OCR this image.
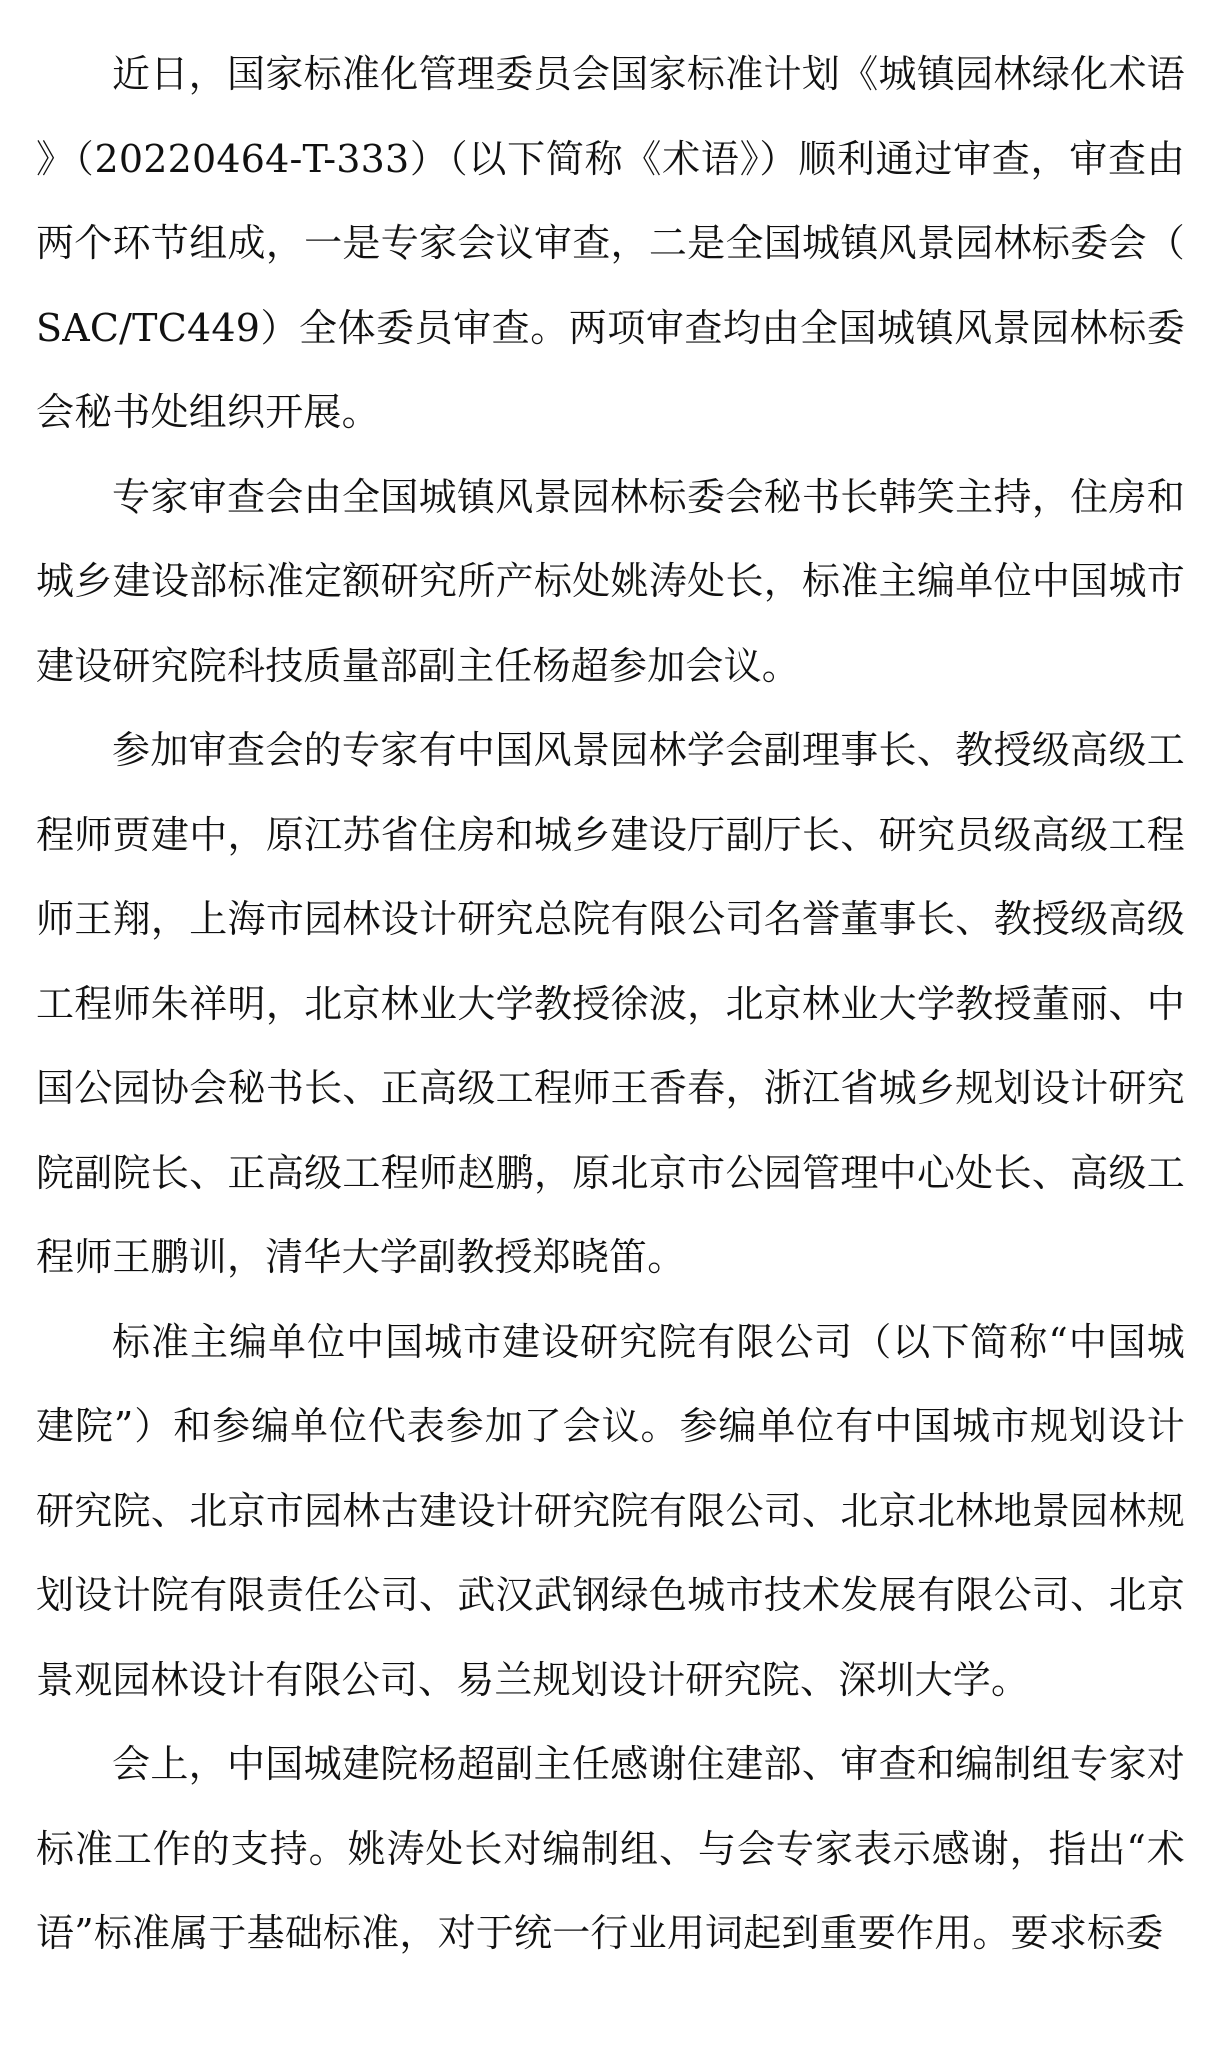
近日，国家标准化管理委员会国家标准计划《城镇园林绿化术语》（20220464-T-333）（以下简称《术语》）顺利通过审查，审查由两个环节组成，一是专家会议审查，二是全国城镇风景园林标委会（SAC/TC449）全体委员审查。两项审查均由全国城镇风景园林标委会秘书处组织开展。

专家审查会由全国城镇风景园林标委会秘书长韩笑主持，住房和城乡建设部标准定额研究所产标处姚涛处长，标准主编单位中国城市建设研究院科技质量部副主任杨超参加会议。

参加审查会的专家有中国风景园林学会副理事长、教授级高级工程师贾建中，原江苏省住房和城乡建设厅副厅长、研究员级高级工程师王翔，上海市园林设计研究总院有限公司名誉董事长、教授级高级工程师朱祥明，北京林业大学教授徐波，北京林业大学教授董丽、中国公园协会秘书长、正高级工程师王香春，浙江省城乡规划设计研究院副院长、正高级工程师赵鹏，原北京市公园管理中心处长、高级工程师王鹏训，清华大学副教授郑晓笛。

标准主编单位中国城市建设研究院有限公司（以下简称“中国城建院”）和参编单位代表参加了会议。参编单位有中国城市规划设计研究院、北京市园林古建设计研究院有限公司、北京北林地景园林规划设计院有限责任公司、武汉武钢绿色城市技术发展有限公司、北京景观园林设计有限公司、易兰规划设计研究院、深圳大学。

会上，中国城建院杨超副主任感谢住建部、审查和编制组专家对标准工作的支持。姚涛处长对编制组、与会专家表示感谢，指出“术语”标准属于基础标准，对于统一行业用词起到重要作用。要求标委
